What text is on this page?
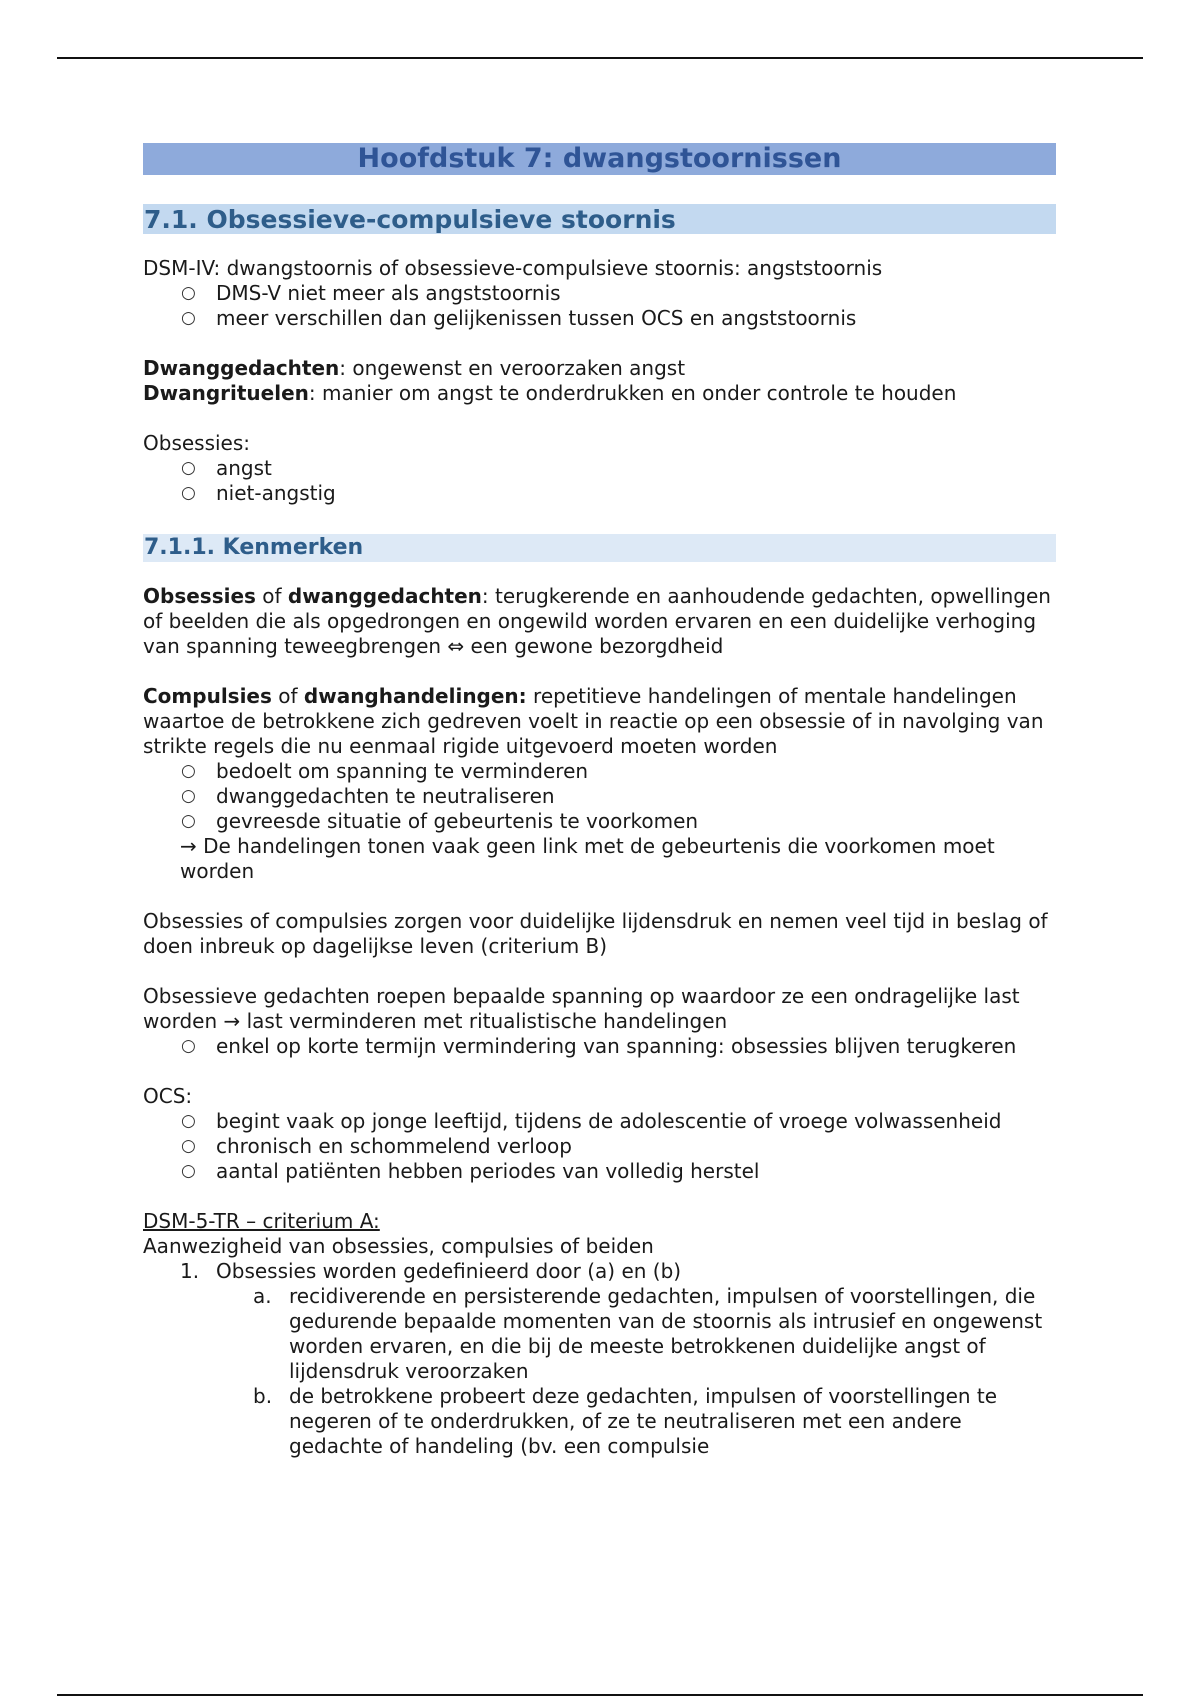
Hoofdstuk 7: dwangstoornissen
7.1. Obsessieve-compulsieve stoornis

DSM-IV: dwangstoornis of obsessieve-compulsieve stoornis: angststoornis

○ DMS-V niet meer als angststoornis
○ meer verschillen dan gelijkenissen tussen OCS en angststoornis

Dwanggedachten: ongewenst en veroorzaken angst

Dwangrituelen: manier om angst te onderdrukken en onder controle te houden

Obsessies:

○ angst
○ niet-angstig
7.1.1. Kenmerken

Obsessies of dwanggedachten: terugkerende en aanhoudende gedachten, opwellingen of beelden die als opgedrongen en ongewild worden ervaren en een duidelijke verhoging van spanning teweegbrengen ⇔ een gewone bezorgdheid

Compulsies of dwanghandelingen: repetitieve handelingen of mentale handelingen waartoe de betrokkene zich gedreven voelt in reactie op een obsessie of in navolging van strikte regels die nu eenmaal rigide uitgevoerd moeten worden

○ bedoelt om spanning te verminderen
○ dwanggedachten te neutraliseren
○ gevreesde situatie of gebeurtenis te voorkomen

→ De handelingen tonen vaak geen link met de gebeurtenis die voorkomen moet worden

Obsessies of compulsies zorgen voor duidelijke lijdensdruk en nemen veel tijd in beslag of doen inbreuk op dagelijkse leven (criterium B)

Obsessieve gedachten roepen bepaalde spanning op waardoor ze een ondragelijke last worden → last verminderen met ritualistische handelingen

○ enkel op korte termijn vermindering van spanning: obsessies blijven terugkeren

OCS:

○ begint vaak op jonge leeftijd, tijdens de adolescentie of vroege volwassenheid
○ chronisch en schommelend verloop
○ aantal patiënten hebben periodes van volledig herstel

DSM-5-TR – criterium A:

Aanwezigheid van obsessies, compulsies of beiden

1. Obsessies worden gedefinieerd door (a) en (b)
a. recidiverende en persisterende gedachten, impulsen of voorstellingen, die gedurende bepaalde momenten van de stoornis als intrusief en ongewenst worden ervaren, en die bij de meeste betrokkenen duidelijke angst of lijdensdruk veroorzaken
b. de betrokkene probeert deze gedachten, impulsen of voorstellingen te negeren of te onderdrukken, of ze te neutraliseren met een andere gedachte of handeling (bv. een compulsie
